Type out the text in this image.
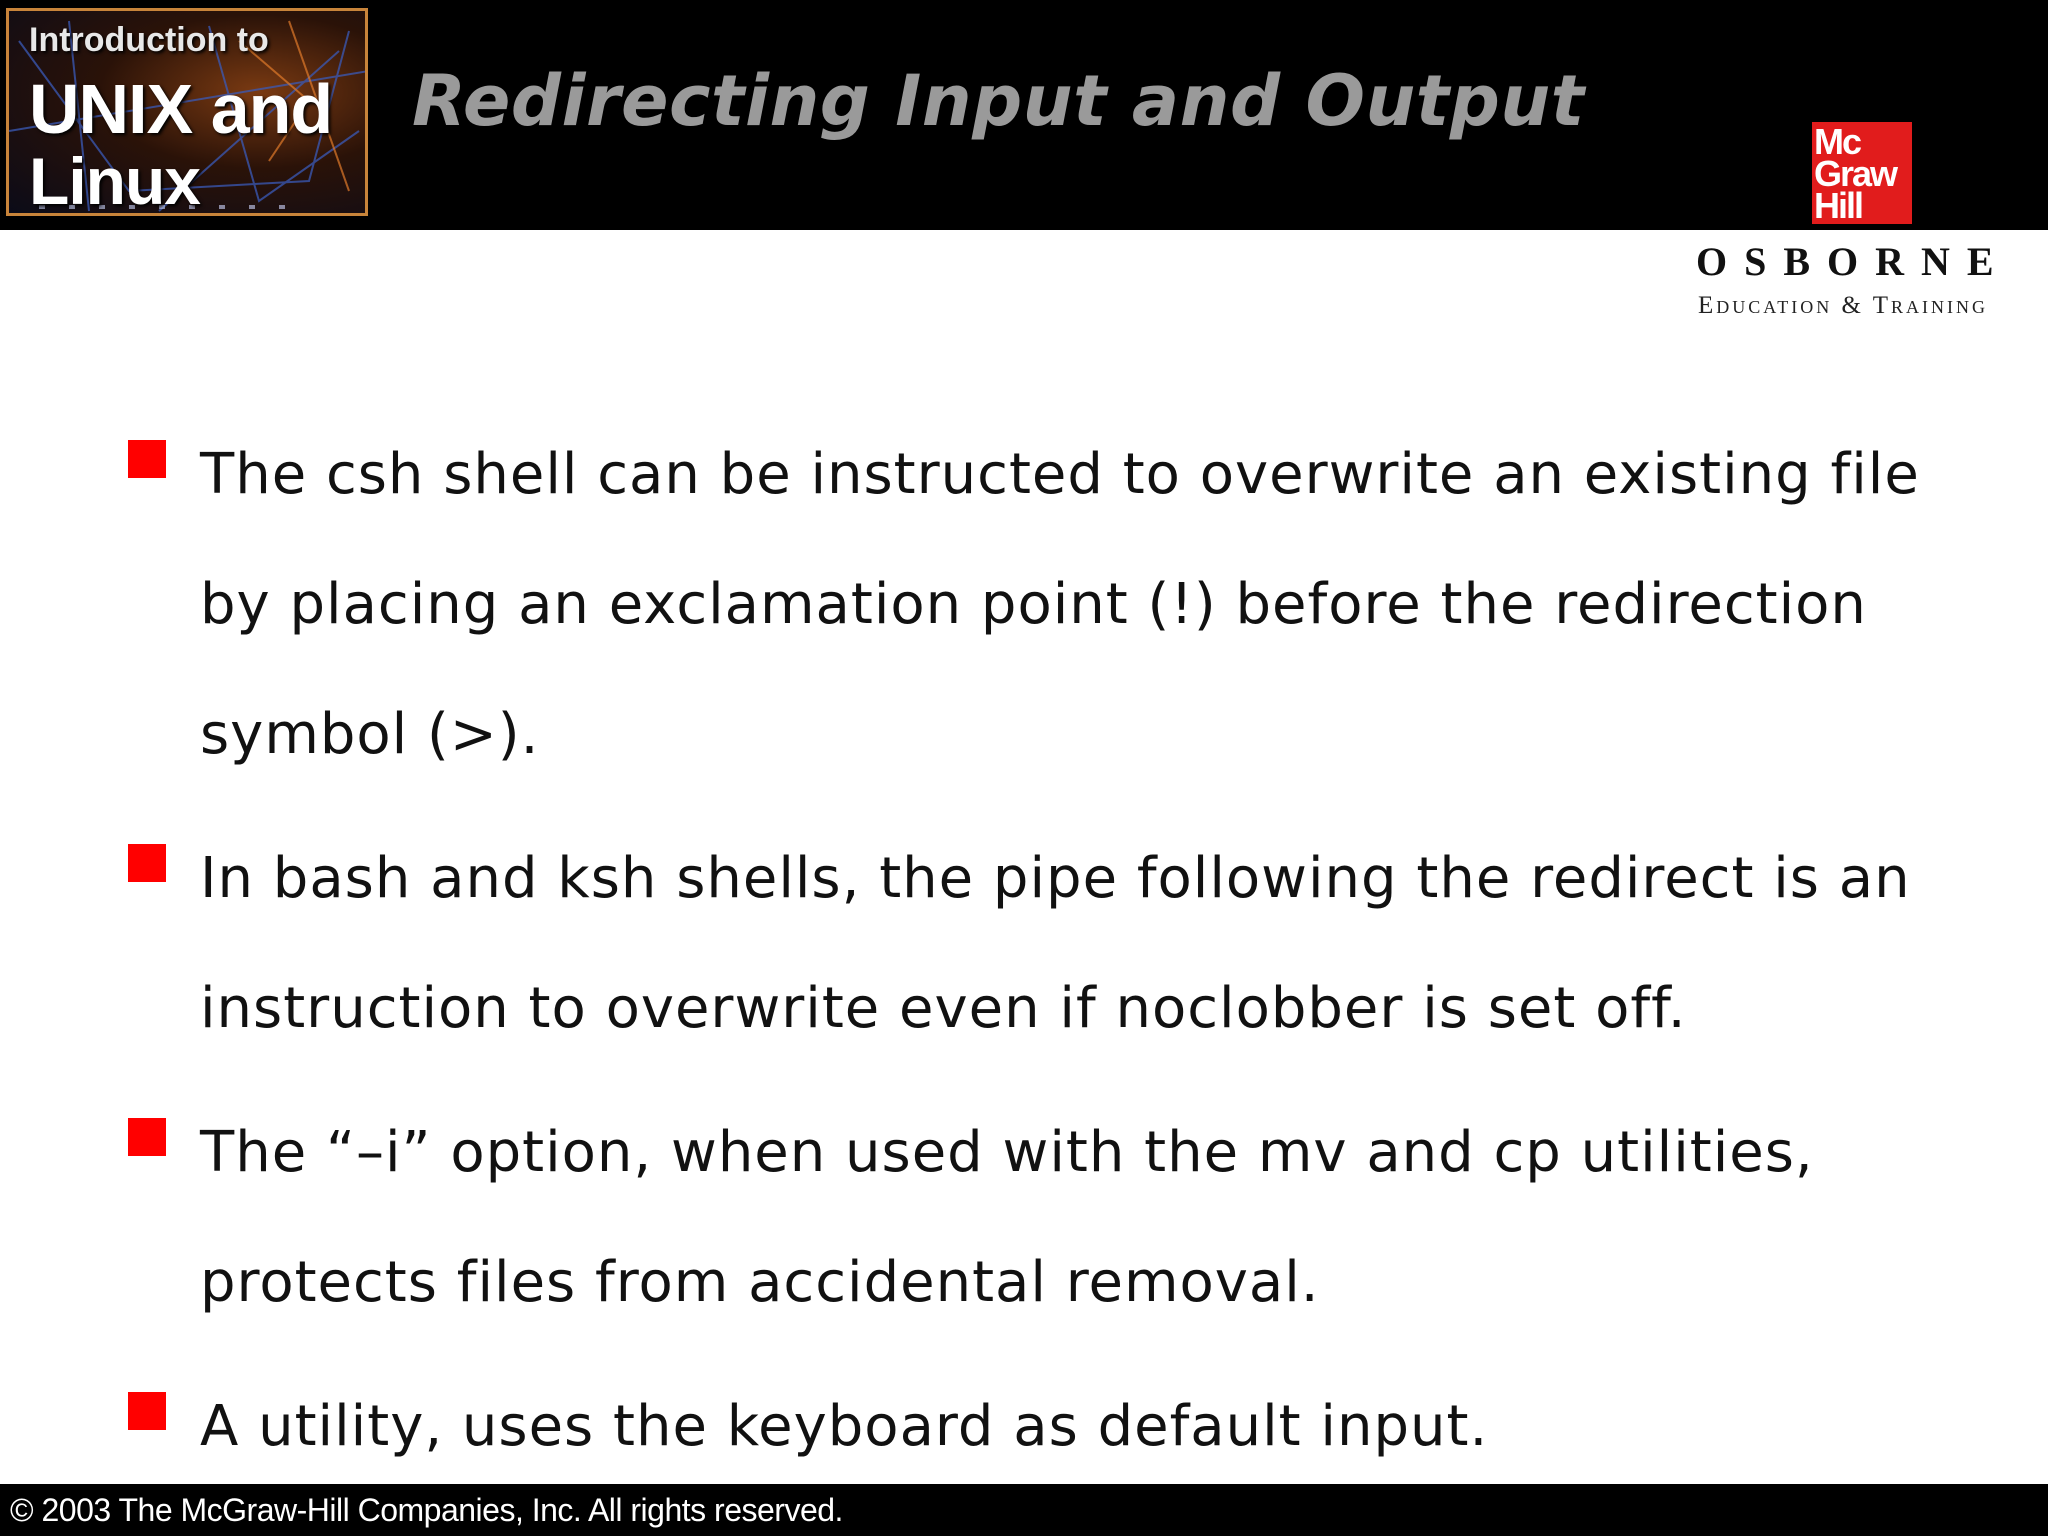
Introduction to
UNIX and
Linux
Redirecting Input and Output	Mc
Graw
Hill
OSBORNE
Education & Training
The csh shell can be instructed to overwrite an existing file by placing an exclamation point (!) before the redirection symbol (>).
In bash and ksh shells, the pipe following the redirect is an instruction to overwrite even if noclobber is set off.
The “–i” option, when used with the mv and cp utilities, protects files from accidental removal.
A utility, uses the keyboard as default input.
© 2003 The McGraw-Hill Companies, Inc. All rights reserved.
